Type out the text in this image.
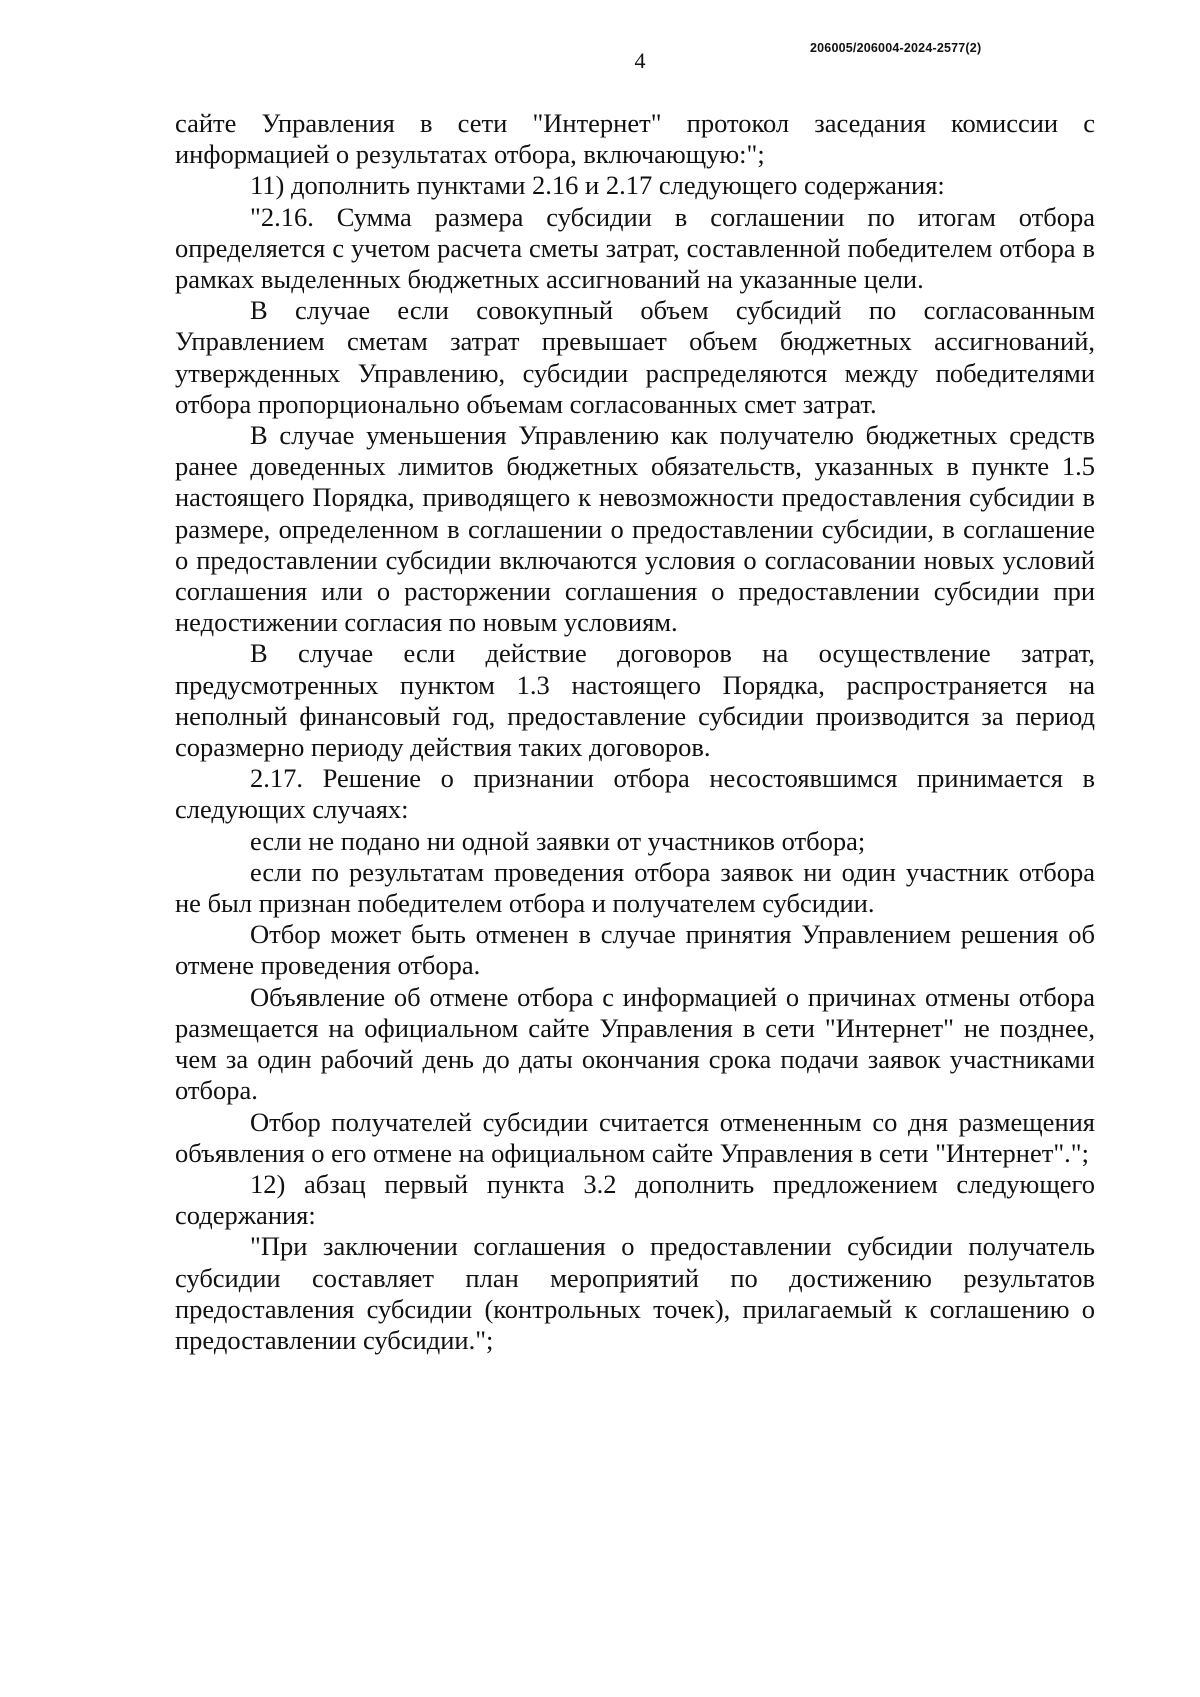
4	206005/206004-2024-2577(2)

сайте Управления в сети "Интернет" протокол заседания комиссии с информацией о результатах отбора, включающую:";

11) дополнить пунктами 2.16 и 2.17 следующего содержания:

"2.16. Сумма размера субсидии в соглашении по итогам отбора определяется с учетом расчета сметы затрат, составленной победителем отбора в рамках выделенных бюджетных ассигнований на указанные цели.

В случае если совокупный объем субсидий по согласованным Управлением сметам затрат превышает объем бюджетных ассигнований, утвержденных Управлению, субсидии распределяются между победителями отбора пропорционально объемам согласованных смет затрат.

В случае уменьшения Управлению как получателю бюджетных средств ранее доведенных лимитов бюджетных обязательств, указанных в пункте 1.5 настоящего Порядка, приводящего к невозможности предоставления субсидии в размере, определенном в соглашении о предоставлении субсидии, в соглашение о предоставлении субсидии включаются условия о согласовании новых условий соглашения или о расторжении соглашения о предоставлении субсидии при недостижении согласия по новым условиям.

В случае если действие договоров на осуществление затрат, предусмотренных пунктом 1.3 настоящего Порядка, распространяется на неполный финансовый год, предоставление субсидии производится за период соразмерно периоду действия таких договоров.

2.17. Решение о признании отбора несостоявшимся принимается в следующих случаях:

если не подано ни одной заявки от участников отбора;

если по результатам проведения отбора заявок ни один участник отбора не был признан победителем отбора и получателем субсидии.

Отбор может быть отменен в случае принятия Управлением решения об отмене проведения отбора.

Объявление об отмене отбора с информацией о причинах отмены отбора размещается на официальном сайте Управления в сети "Интернет" не позднее, чем за один рабочий день до даты окончания срока подачи заявок участниками отбора.

Отбор получателей субсидии считается отмененным со дня размещения объявления о его отмене на официальном сайте Управления в сети "Интернет".";

12) абзац первый пункта 3.2 дополнить предложением следующего содержания:

"При заключении соглашения о предоставлении субсидии получатель субсидии составляет план мероприятий по достижению результатов предоставления субсидии (контрольных точек), прилагаемый к соглашению о предоставлении субсидии.";
